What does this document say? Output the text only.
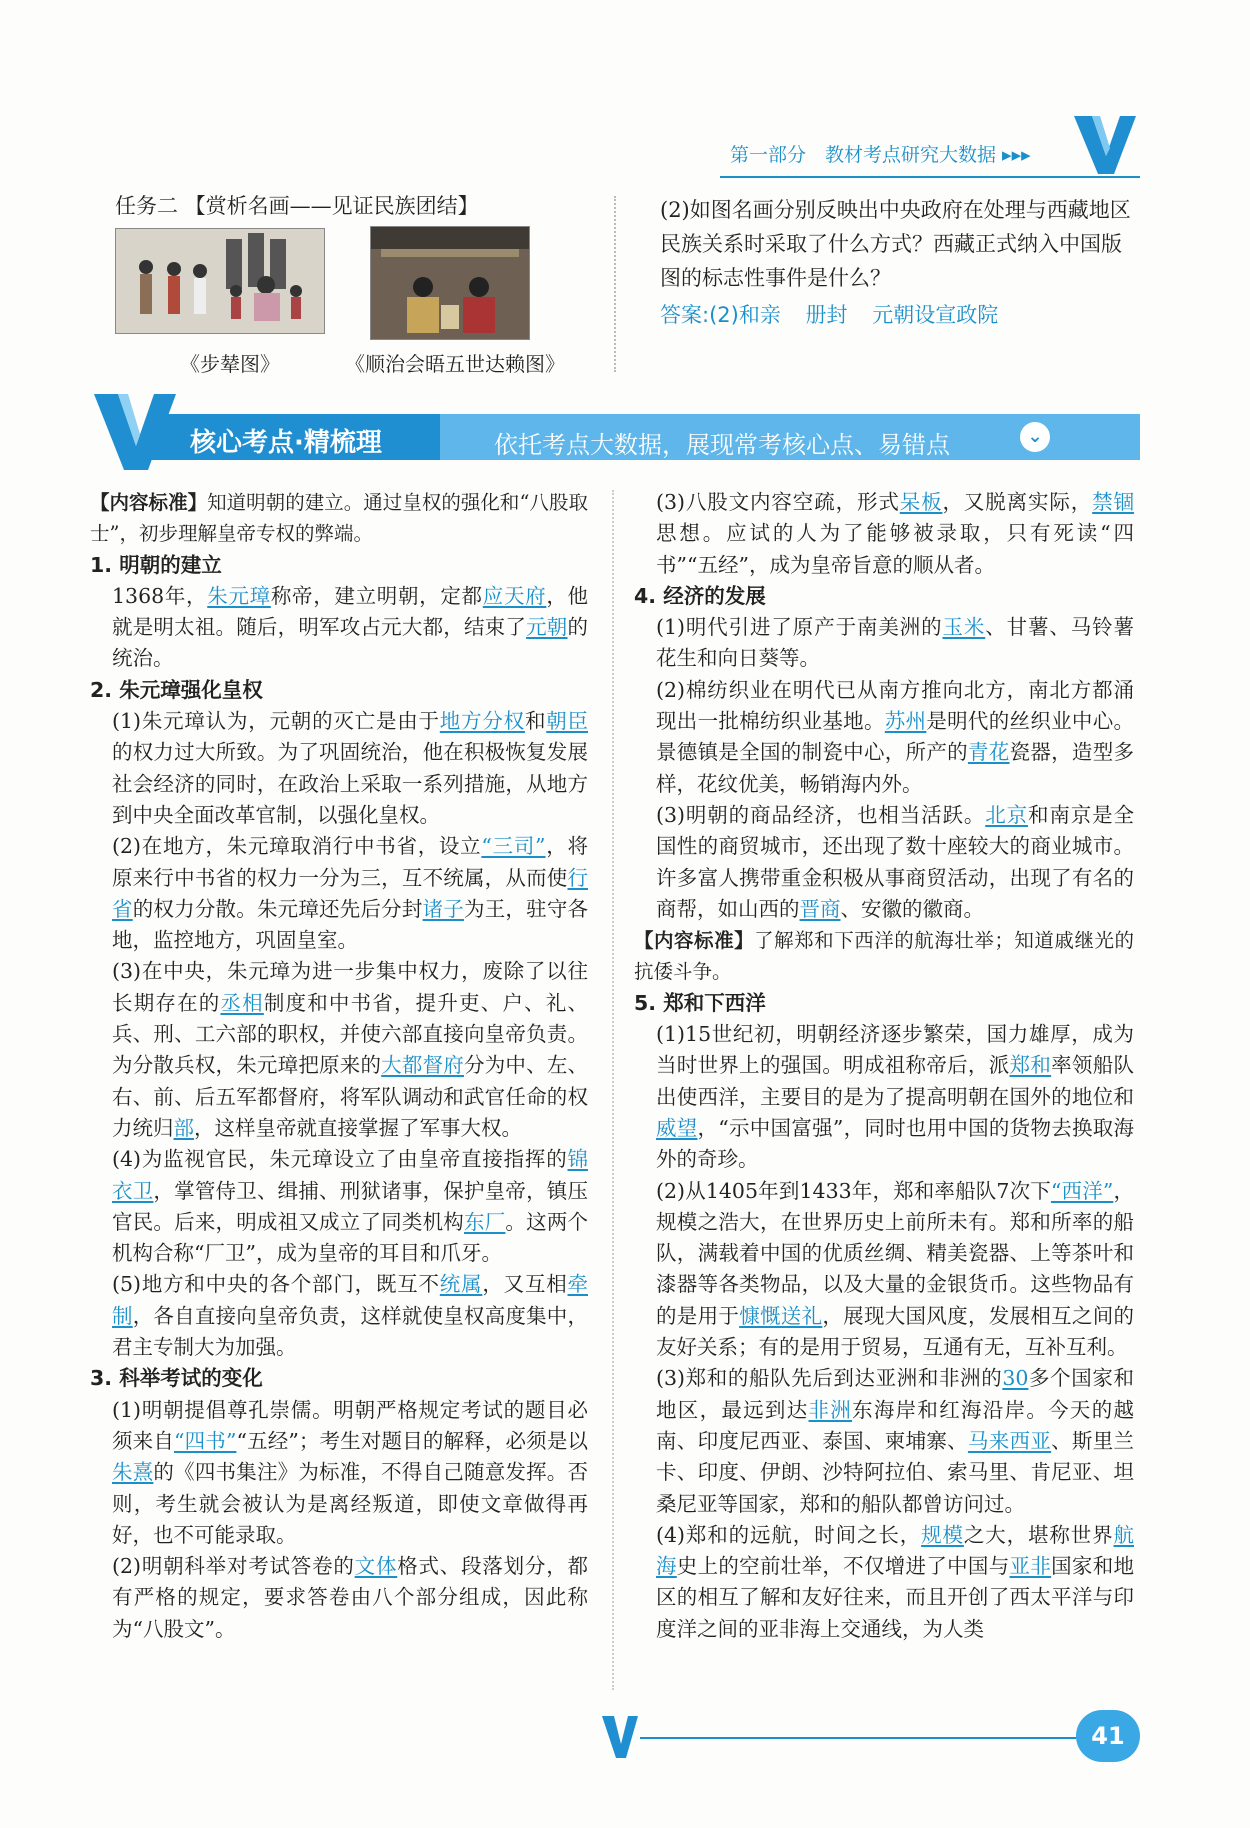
第一部分　教材考点研究大数据 ▸▸▸
任务二 【赏析名画——见证民族团结】
《步辇图》	《顺治会晤五世达赖图》
(2)如图名画分别反映出中央政府在处理与西藏地区民族关系时采取了什么方式？西藏正式纳入中国版图的标志性事件是什么？
答案:(2)和亲 册封 元朝设宣政院
核心考点·精梳理	依托考点大数据，展现常考核心点、易错点	⌄

【内容标准】知道明朝的建立。通过皇权的强化和“八股取士”，初步理解皇帝专权的弊端。

1. 明朝的建立

1368年，朱元璋称帝，建立明朝，定都应天府，他就是明太祖。随后，明军攻占元大都，结束了元朝的统治。

2. 朱元璋强化皇权

(1)朱元璋认为，元朝的灭亡是由于地方分权和朝臣的权力过大所致。为了巩固统治，他在积极恢复发展社会经济的同时，在政治上采取一系列措施，从地方到中央全面改革官制，以强化皇权。

(2)在地方，朱元璋取消行中书省，设立“三司”，将原来行中书省的权力一分为三，互不统属，从而使行省的权力分散。朱元璋还先后分封诸子为王，驻守各地，监控地方，巩固皇室。

(3)在中央，朱元璋为进一步集中权力，废除了以往长期存在的丞相制度和中书省，提升吏、户、礼、兵、刑、工六部的职权，并使六部直接向皇帝负责。为分散兵权，朱元璋把原来的大都督府分为中、左、右、前、后五军都督府，将军队调动和武官任命的权力统归部，这样皇帝就直接掌握了军事大权。

(4)为监视官民，朱元璋设立了由皇帝直接指挥的锦衣卫，掌管侍卫、缉捕、刑狱诸事，保护皇帝，镇压官民。后来，明成祖又成立了同类机构东厂。这两个机构合称“厂卫”，成为皇帝的耳目和爪牙。

(5)地方和中央的各个部门，既互不统属，又互相牵制，各自直接向皇帝负责，这样就使皇权高度集中，君主专制大为加强。

3. 科举考试的变化

(1)明朝提倡尊孔崇儒。明朝严格规定考试的题目必须来自“四书”“五经”；考生对题目的解释，必须是以朱熹的《四书集注》为标准，不得自己随意发挥。否则，考生就会被认为是离经叛道，即使文章做得再好，也不可能录取。

(2)明朝科举对考试答卷的文体格式、段落划分，都有严格的规定，要求答卷由八个部分组成，因此称为“八股文”。

(3)八股文内容空疏，形式呆板，又脱离实际，禁锢思想。应试的人为了能够被录取，只有死读“四书”“五经”，成为皇帝旨意的顺从者。

4. 经济的发展

(1)明代引进了原产于南美洲的玉米、甘薯、马铃薯花生和向日葵等。

(2)棉纺织业在明代已从南方推向北方，南北方都涌现出一批棉纺织业基地。苏州是明代的丝织业中心。景德镇是全国的制瓷中心，所产的青花瓷器，造型多样，花纹优美，畅销海内外。

(3)明朝的商品经济，也相当活跃。北京和南京是全国性的商贸城市，还出现了数十座较大的商业城市。许多富人携带重金积极从事商贸活动，出现了有名的商帮，如山西的晋商、安徽的徽商。

【内容标准】了解郑和下西洋的航海壮举；知道戚继光的抗倭斗争。

5. 郑和下西洋

(1)15世纪初，明朝经济逐步繁荣，国力雄厚，成为当时世界上的强国。明成祖称帝后，派郑和率领船队出使西洋，主要目的是为了提高明朝在国外的地位和威望，“示中国富强”，同时也用中国的货物去换取海外的奇珍。

(2)从1405年到1433年，郑和率船队7次下“西洋”，规模之浩大，在世界历史上前所未有。郑和所率的船队，满载着中国的优质丝绸、精美瓷器、上等茶叶和漆器等各类物品，以及大量的金银货币。这些物品有的是用于慷慨送礼，展现大国风度，发展相互之间的友好关系；有的是用于贸易，互通有无，互补互利。

(3)郑和的船队先后到达亚洲和非洲的30多个国家和地区，最远到达非洲东海岸和红海沿岸。今天的越南、印度尼西亚、泰国、柬埔寨、马来西亚、斯里兰卡、印度、伊朗、沙特阿拉伯、索马里、肯尼亚、坦桑尼亚等国家，郑和的船队都曾访问过。

(4)郑和的远航，时间之长，规模之大，堪称世界航海史上的空前壮举，不仅增进了中国与亚非国家和地区的相互了解和友好往来，而且开创了西太平洋与印度洋之间的亚非海上交通线，为人类

41
